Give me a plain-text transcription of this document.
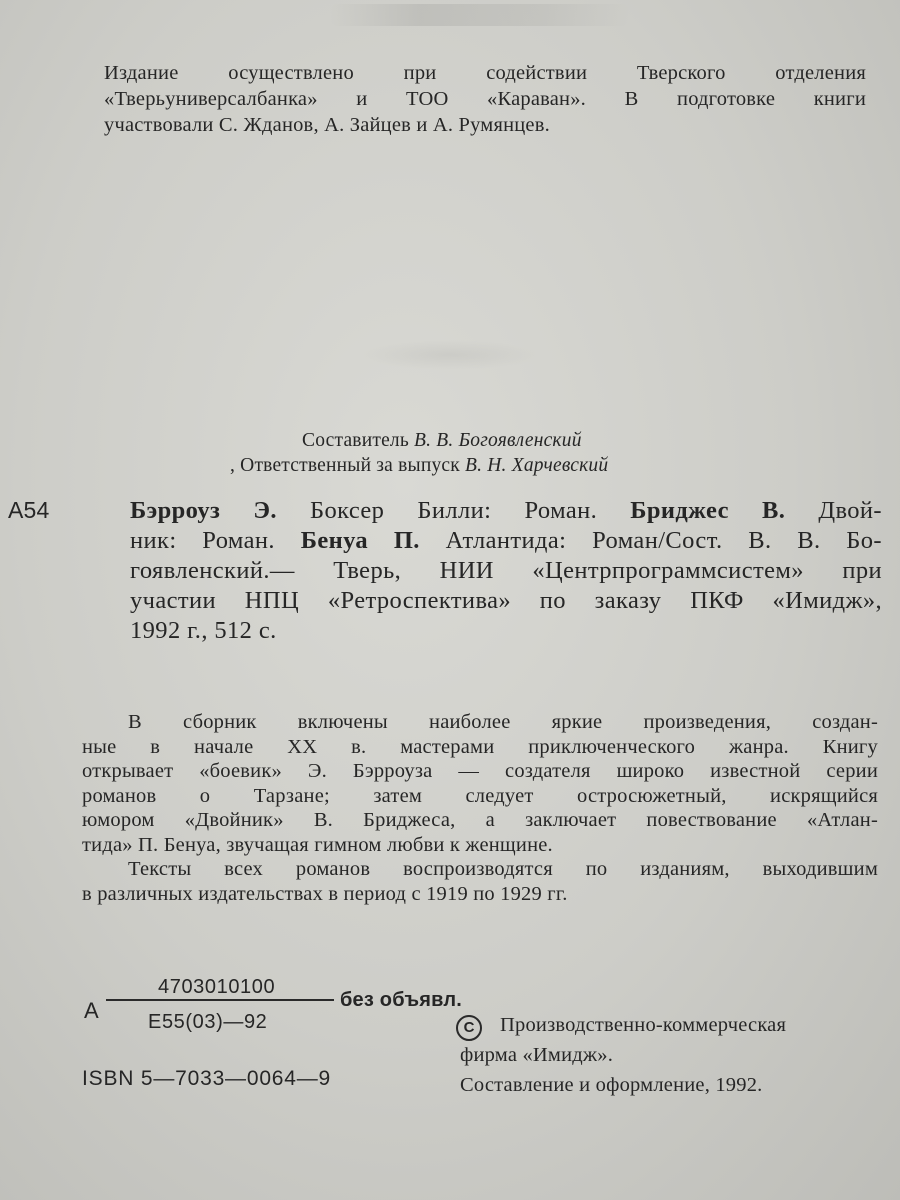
Издание осуществлено при содействии Тверского отделения
«Тверьуниверсалбанка» и ТОО «Караван». В подготовке книги
участвовали С. Жданов, А. Зайцев и А. Румянцев.
Составитель В. В. Богоявленский
, Ответственный за выпуск В. Н. Харчевский
А54	Бэрроуз Э. Боксер Билли: Роман. Бриджес В. Двой-
ник: Роман. Бенуа П. Атлантида: Роман/Сост. В. В. Бо-
гоявленский.— Тверь, НИИ «Центрпрограммсистем» при
участии НПЦ «Ретроспектива» по заказу ПКФ «Имидж»,
1992 г., 512 с.
В сборник включены наиболее яркие произведения, создан-
ные в начале XX в. мастерами приключенческого жанра. Книгу
открывает «боевик» Э. Бэрроуза — создателя широко известной серии
романов о Тарзане; затем следует остросюжетный, искрящийся
юмором «Двойник» В. Бриджеса, а заключает повествование «Атлан-
тида» П. Бенуа, звучащая гимном любви к женщине.
Тексты всех романов воспроизводятся по изданиям, выходившим
в различных издательствах в период с 1919 по 1929 гг.
А
4703010100
Е55(03)—92
без объявл.
C	Производственно-коммерческая
фирма «Имидж».
Составление и оформление, 1992.
ISBN 5—7033—0064—9
